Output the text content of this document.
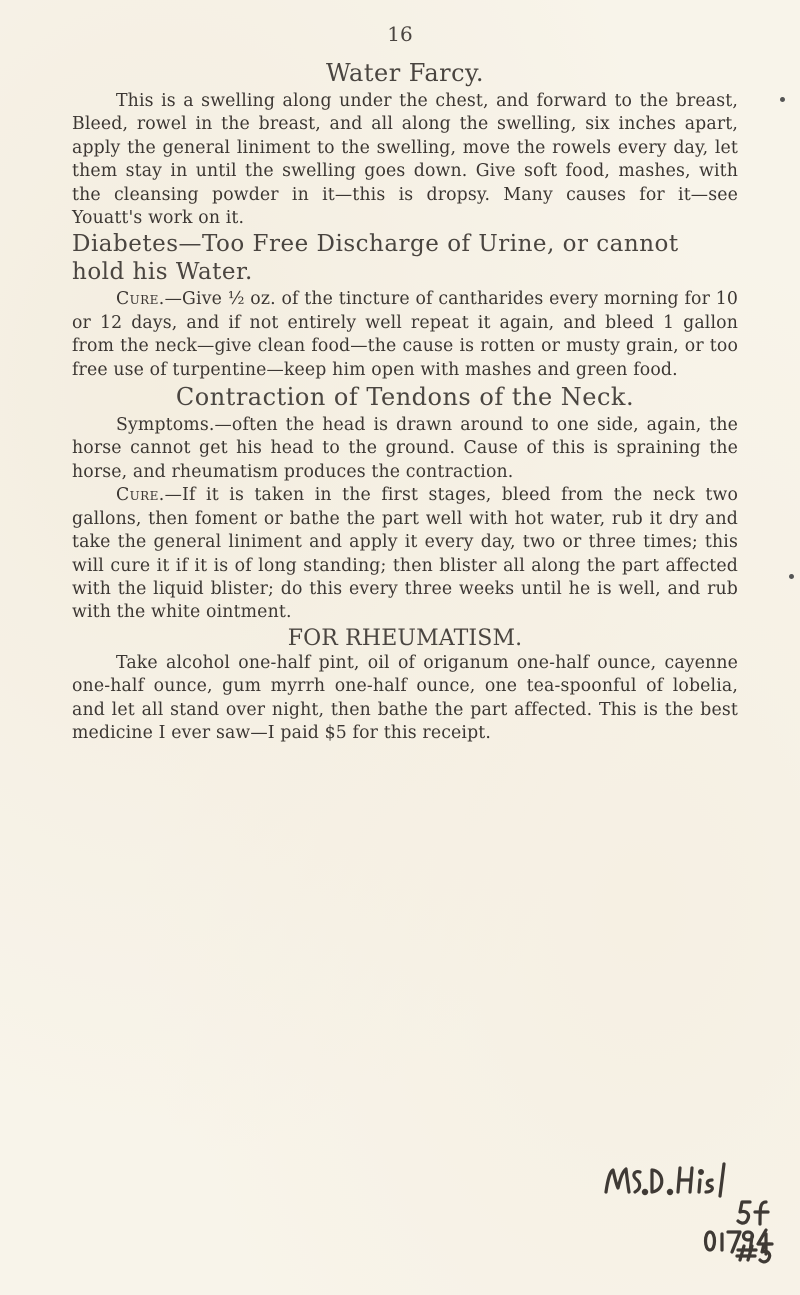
16
Water Farcy.

This is a swelling along under the chest, and forward to the breast, Bleed, rowel in the breast, and all along the swelling, six inches apart, apply the general liniment to the swelling, move the rowels every day, let them stay in until the swelling goes down. Give soft food, mashes, with the cleansing powder in it—this is dropsy. Many causes for it—see Youatt's work on it.

Diabetes—Too Free Discharge of Urine, or cannot hold his Water.

Cure.—Give ½ oz. of the tincture of cantharides every morning for 10 or 12 days, and if not entirely well repeat it again, and bleed 1 gallon from the neck—give clean food—the cause is rotten or musty grain, or too free use of turpentine—keep him open with mashes and green food.

Contraction of Tendons of the Neck.

Symptoms.—often the head is drawn around to one side, again, the horse cannot get his head to the ground. Cause of this is spraining the horse, and rheumatism produces the contraction.

Cure.—If it is taken in the first stages, bleed from the neck two gallons, then foment or bathe the part well with hot water, rub it dry and take the general liniment and apply it every day, two or three times; this will cure it if it is of long standing; then blister all along the part affected with the liquid blister; do this every three weeks until he is well, and rub with the white ointment.

FOR RHEUMATISM.

Take alcohol one-half pint, oil of origanum one-half ounce, cayenne one-half ounce, gum myrrh one-half ounce, one tea-spoonful of lobelia, and let all stand over night, then bathe the part affected. This is the best medicine I ever saw—I paid $5 for this receipt.
